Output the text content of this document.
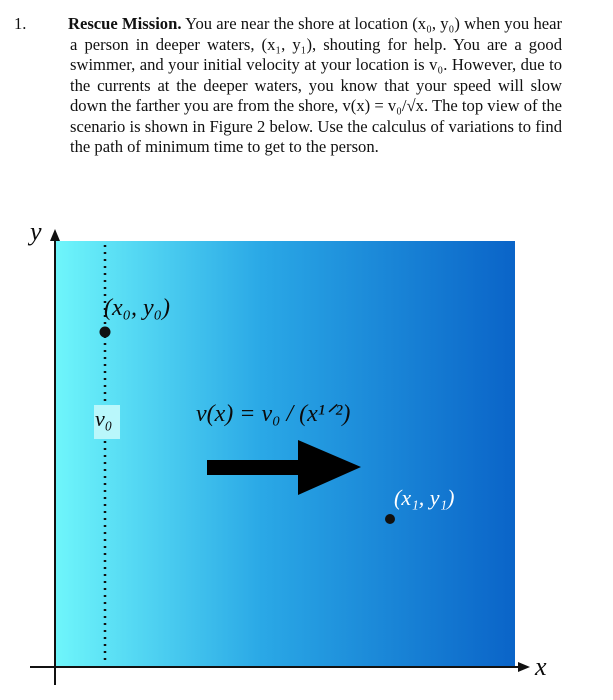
1.	Rescue Mission. You are near the shore at location (x₀, y₀) when you hear a person in deeper waters, (x₁, y₁), shouting for help. You are a good swimmer, and your initial velocity at your location is v₀. However, due to the currents at the deeper waters, you know that your speed will slow down the farther you are from the shore, v(x) = v₀/√x. The top view of the scenario is shown in Figure 2 below. Use the calculus of variations to find the path of minimum time to get to the person.

y
x
(x₀, y₀)
(x₁, y₁)
v₀	v(x) = v₀ / (x¹ᐟ²)
